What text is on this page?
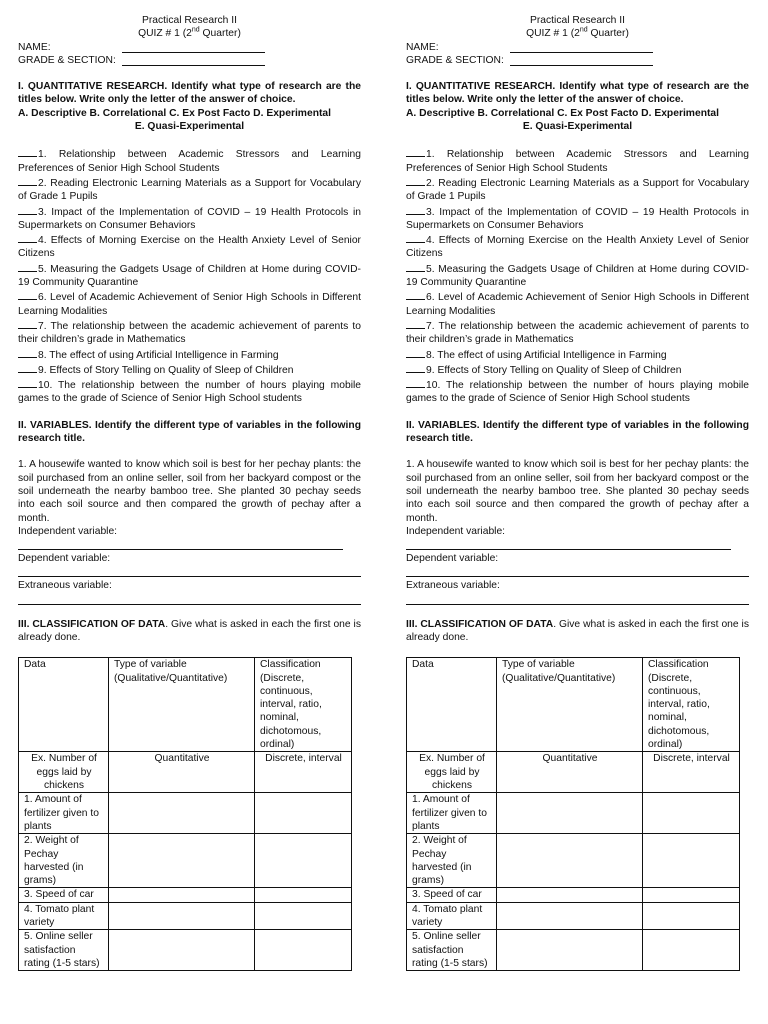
Practical Research II
QUIZ # 1 (2nd Quarter)
NAME:
GRADE & SECTION:
I. QUANTITATIVE RESEARCH. Identify what type of research are the titles below. Write only the letter of the answer of choice.
A. Descriptive B. Correlational C. Ex Post Facto D. Experimental
E. Quasi-Experimental
1. Relationship between Academic Stressors and Learning Preferences of Senior High School Students
2. Reading Electronic Learning Materials as a Support for Vocabulary of Grade 1 Pupils
3. Impact of the Implementation of COVID – 19 Health Protocols in Supermarkets on Consumer Behaviors
4. Effects of Morning Exercise on the Health Anxiety Level of Senior Citizens
5. Measuring the Gadgets Usage of Children at Home during COVID-19 Community Quarantine
6. Level of Academic Achievement of Senior High Schools in Different Learning Modalities
7. The relationship between the academic achievement of parents to their children’s grade in Mathematics
8. The effect of using Artificial Intelligence in Farming
9. Effects of Story Telling on Quality of Sleep of Children
10. The relationship between the number of hours playing mobile games to the grade of Science of Senior High School students
II. VARIABLES. Identify the different type of variables in the following research title.
1. A housewife wanted to know which soil is best for her pechay plants: the soil purchased from an online seller, soil from her backyard compost or the soil underneath the nearby bamboo tree. She planted 30 pechay seeds into each soil source and then compared the growth of pechay after a month.
Independent variable:
Dependent variable:
Extraneous variable:
III. CLASSIFICATION OF DATA. Give what is asked in each the first one is already done.
Data	Type of variable (Qualitative/Quantitative)	Classification (Discrete, continuous, interval, ratio, nominal, dichotomous, ordinal)
Ex. Number of eggs laid by chickens	Quantitative	Discrete, interval
1. Amount of fertilizer given to plants		
2. Weight of Pechay harvested (in grams)		
3. Speed of car		
4. Tomato plant variety		
5. Online seller satisfaction rating (1-5 stars)		
Practical Research II
QUIZ # 1 (2nd Quarter)
NAME:
GRADE & SECTION:
I. QUANTITATIVE RESEARCH. Identify what type of research are the titles below. Write only the letter of the answer of choice.
A. Descriptive B. Correlational C. Ex Post Facto D. Experimental
E. Quasi-Experimental
1. Relationship between Academic Stressors and Learning Preferences of Senior High School Students
2. Reading Electronic Learning Materials as a Support for Vocabulary of Grade 1 Pupils
3. Impact of the Implementation of COVID – 19 Health Protocols in Supermarkets on Consumer Behaviors
4. Effects of Morning Exercise on the Health Anxiety Level of Senior Citizens
5. Measuring the Gadgets Usage of Children at Home during COVID-19 Community Quarantine
6. Level of Academic Achievement of Senior High Schools in Different Learning Modalities
7. The relationship between the academic achievement of parents to their children’s grade in Mathematics
8. The effect of using Artificial Intelligence in Farming
9. Effects of Story Telling on Quality of Sleep of Children
10. The relationship between the number of hours playing mobile games to the grade of Science of Senior High School students
II. VARIABLES. Identify the different type of variables in the following research title.
1. A housewife wanted to know which soil is best for her pechay plants: the soil purchased from an online seller, soil from her backyard compost or the soil underneath the nearby bamboo tree. She planted 30 pechay seeds into each soil source and then compared the growth of pechay after a month.
Independent variable:
Dependent variable:
Extraneous variable:
III. CLASSIFICATION OF DATA. Give what is asked in each the first one is already done.
Data	Type of variable (Qualitative/Quantitative)	Classification (Discrete, continuous, interval, ratio, nominal, dichotomous, ordinal)
Ex. Number of eggs laid by chickens	Quantitative	Discrete, interval
1. Amount of fertilizer given to plants		
2. Weight of Pechay harvested (in grams)		
3. Speed of car		
4. Tomato plant variety		
5. Online seller satisfaction rating (1-5 stars)		
